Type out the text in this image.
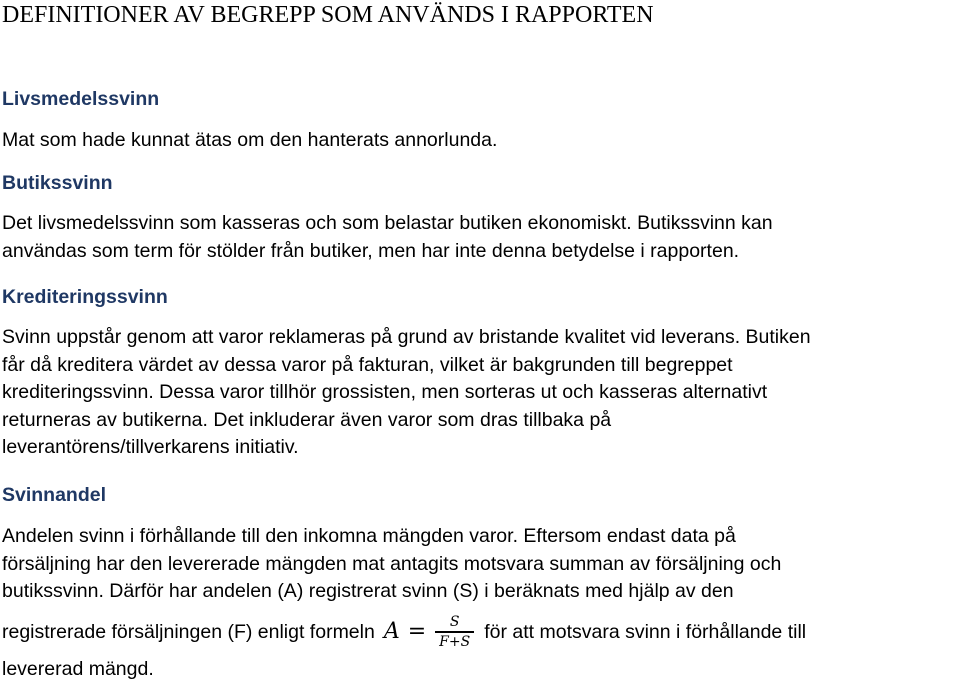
DEFINITIONER AV BEGREPP SOM ANVÄNDS I RAPPORTEN
Livsmedelssvinn
Mat som hade kunnat ätas om den hanterats annorlunda.
Butikssvinn
Det livsmedelssvinn som kasseras och som belastar butiken ekonomiskt. Butikssvinn kan
användas som term för stölder från butiker, men har inte denna betydelse i rapporten.
Krediteringssvinn
Svinn uppstår genom att varor reklameras på grund av bristande kvalitet vid leverans. Butiken
får då kreditera värdet av dessa varor på fakturan, vilket är bakgrunden till begreppet
krediteringssvinn. Dessa varor tillhör grossisten, men sorteras ut och kasseras alternativt
returneras av butikerna. Det inkluderar även varor som dras tillbaka på
leverantörens/tillverkarens initiativ.
Svinnandel
Andelen svinn i förhållande till den inkomna mängden varor. Eftersom endast data på
försäljning har den levererade mängden mat antagits motsvara summan av försäljning och
butikssvinn. Därför har andelen (A) registrerat svinn (S) i beräknats med hjälp av den
registrerade försäljningen (F) enligt formeln $A = \frac{S}{F+S}$ för att motsvara svinn i förhållande till
levererad mängd.
